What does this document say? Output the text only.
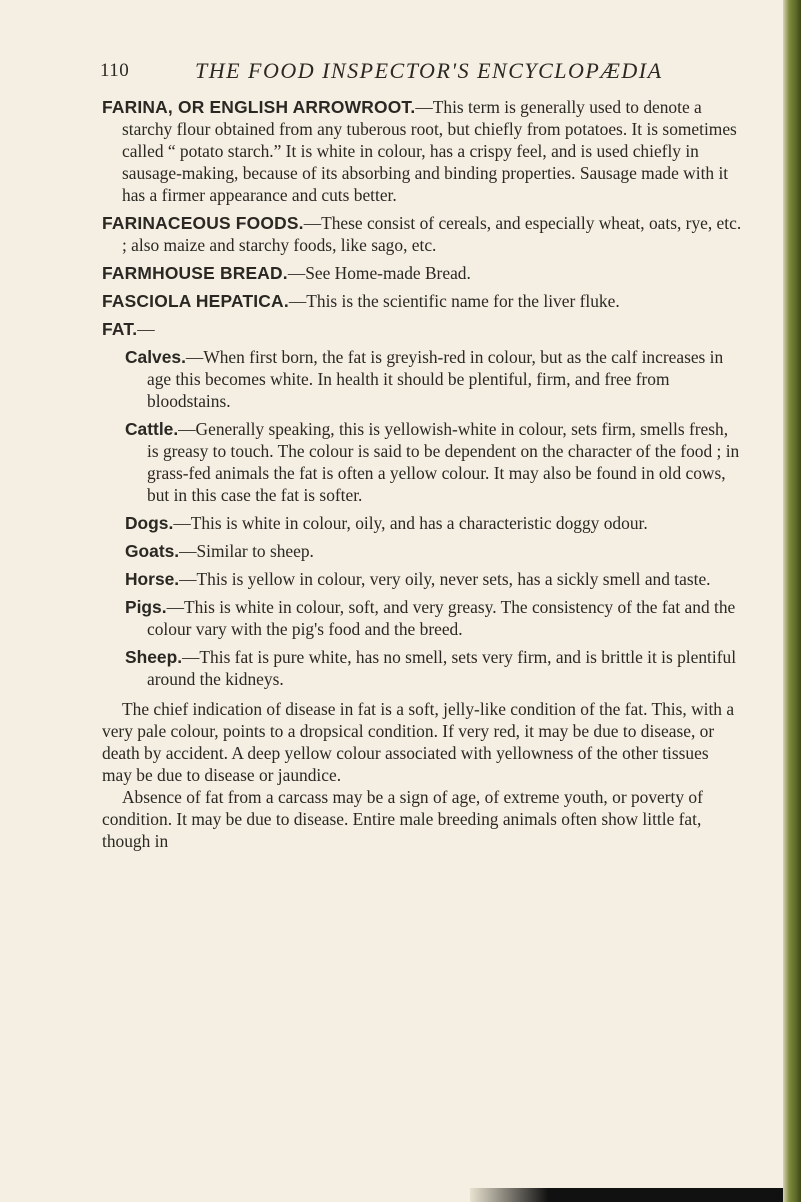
110	THE FOOD INSPECTOR'S ENCYCLOPÆDIA

FARINA, OR ENGLISH ARROWROOT.—This term is generally used to denote a starchy flour obtained from any tuberous root, but chiefly from potatoes. It is sometimes called “ potato starch.” It is white in colour, has a crispy feel, and is used chiefly in sausage-making, because of its absorbing and binding properties. Sausage made with it has a firmer appearance and cuts better.

FARINACEOUS FOODS.—These consist of cereals, and especially wheat, oats, rye, etc. ; also maize and starchy foods, like sago, etc.

FARMHOUSE BREAD.—See Home-made Bread.

FASCIOLA HEPATICA.—This is the scientific name for the liver fluke.

FAT.—

Calves.—When first born, the fat is greyish-red in colour, but as the calf increases in age this becomes white. In health it should be plentiful, firm, and free from bloodstains.

Cattle.—Generally speaking, this is yellowish-white in colour, sets firm, smells fresh, is greasy to touch. The colour is said to be dependent on the character of the food ; in grass-fed animals the fat is often a yellow colour. It may also be found in old cows, but in this case the fat is softer.

Dogs.—This is white in colour, oily, and has a characteristic doggy odour.

Goats.—Similar to sheep.

Horse.—This is yellow in colour, very oily, never sets, has a sickly smell and taste.

Pigs.—This is white in colour, soft, and very greasy. The consistency of the fat and the colour vary with the pig's food and the breed.

Sheep.—This fat is pure white, has no smell, sets very firm, and is brittle it is plentiful around the kidneys.

The chief indication of disease in fat is a soft, jelly-like condition of the fat. This, with a very pale colour, points to a dropsical condition. If very red, it may be due to disease, or death by accident. A deep yellow colour associated with yellowness of the other tissues may be due to disease or jaundice.

Absence of fat from a carcass may be a sign of age, of extreme youth, or poverty of condition. It may be due to disease. Entire male breeding animals often show little fat, though in
